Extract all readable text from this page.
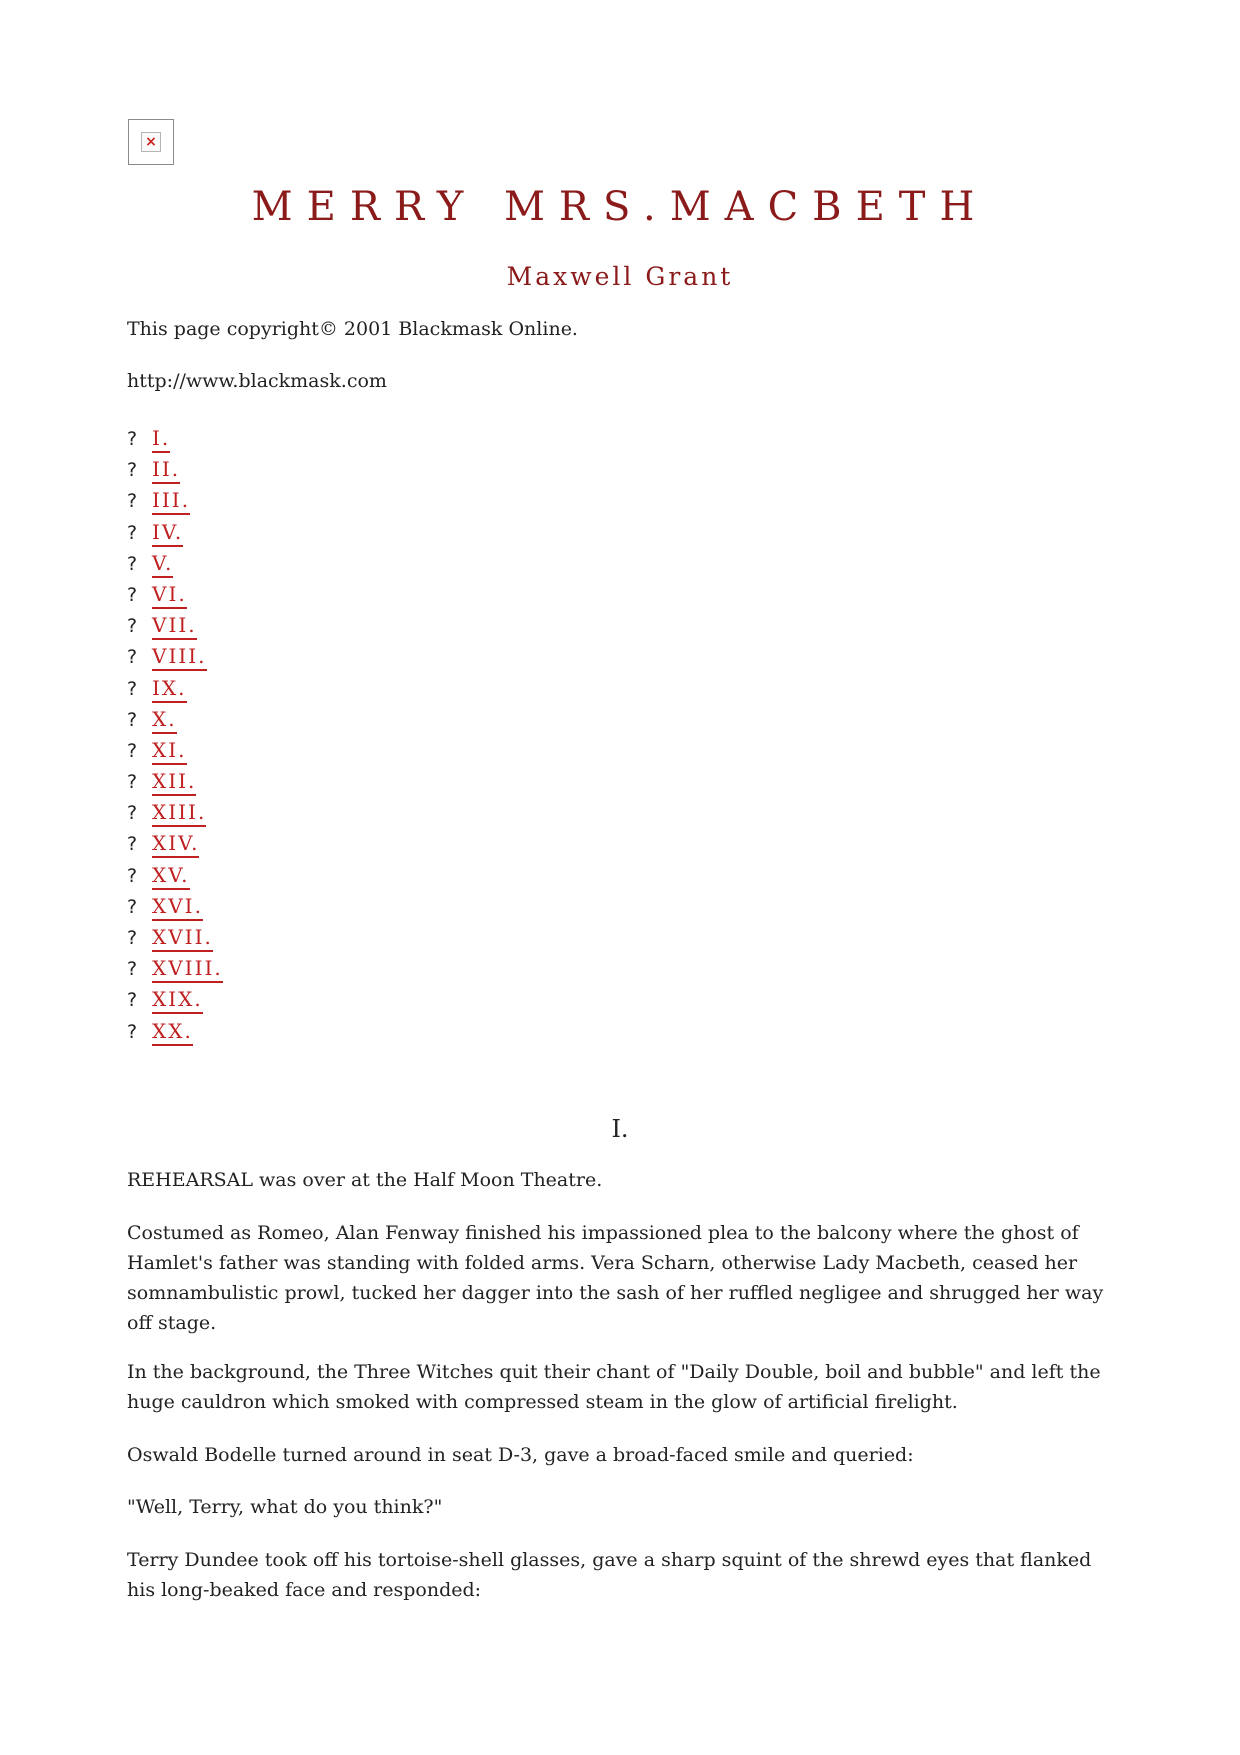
×
MERRY MRS.MACBETH
Maxwell Grant
This page copyright© 2001 Blackmask Online.
http://www.blackmask.com
? I.
? II.
? III.
? IV.
? V.
? VI.
? VII.
? VIII.
? IX.
? X.
? XI.
? XII.
? XIII.
? XIV.
? XV.
? XVI.
? XVII.
? XVIII.
? XIX.
? XX.
I.

REHEARSAL was over at the Half Moon Theatre.

Costumed as Romeo, Alan Fenway finished his impassioned plea to the balcony where the ghost of Hamlet's father was standing with folded arms. Vera Scharn, otherwise Lady Macbeth, ceased her somnambulistic prowl, tucked her dagger into the sash of her ruffled negligee and shrugged her way off stage.

In the background, the Three Witches quit their chant of "Daily Double, boil and bubble" and left the huge cauldron which smoked with compressed steam in the glow of artificial firelight.

Oswald Bodelle turned around in seat D-3, gave a broad-faced smile and queried:

"Well, Terry, what do you think?"

Terry Dundee took off his tortoise-shell glasses, gave a sharp squint of the shrewd eyes that flanked his long-beaked face and responded:
